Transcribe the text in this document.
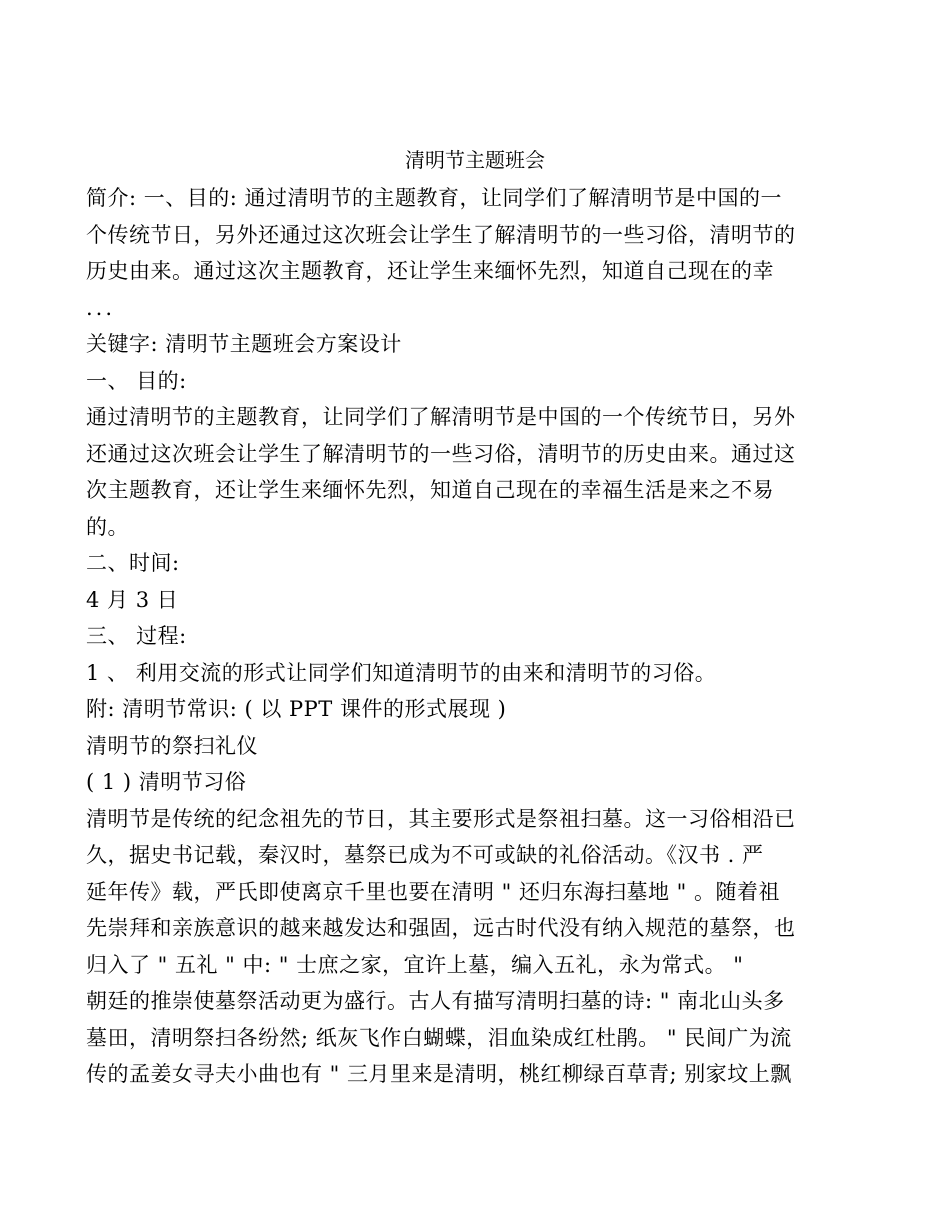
清明节主题班会
简介: 一、目的: 通过清明节的主题教育，让同学们了解清明节是中国的一
个传统节日，另外还通过这次班会让学生了解清明节的一些习俗，清明节的
历史由来。通过这次主题教育，还让学生来缅怀先烈，知道自己现在的幸
...
关键字: 清明节主题班会方案设计
一、 目的:
通过清明节的主题教育，让同学们了解清明节是中国的一个传统节日，另外
还通过这次班会让学生了解清明节的一些习俗，清明节的历史由来。通过这
次主题教育，还让学生来缅怀先烈，知道自己现在的幸福生活是来之不易
的。
二、时间:
4 月 3 日
三、 过程:
1 、 利用交流的形式让同学们知道清明节的由来和清明节的习俗。
附: 清明节常识: ( 以 PPT 课件的形式展现 )
清明节的祭扫礼仪
( 1 ) 清明节习俗
清明节是传统的纪念祖先的节日，其主要形式是祭祖扫墓。这一习俗相沿已
久，据史书记载，秦汉时，墓祭已成为不可或缺的礼俗活动。《汉书 . 严
延年传》载，严氏即使离京千里也要在清明 " 还归东海扫墓地 " 。随着祖
先崇拜和亲族意识的越来越发达和强固，远古时代没有纳入规范的墓祭，也
归入了 " 五礼 " 中: " 士庶之家，宜许上墓，编入五礼，永为常式。 "
朝廷的推崇使墓祭活动更为盛行。古人有描写清明扫墓的诗: " 南北山头多
墓田，清明祭扫各纷然; 纸灰飞作白蝴蝶，泪血染成红杜鹃。 " 民间广为流
传的孟姜女寻夫小曲也有 " 三月里来是清明，桃红柳绿百草青; 别家坟上飘
